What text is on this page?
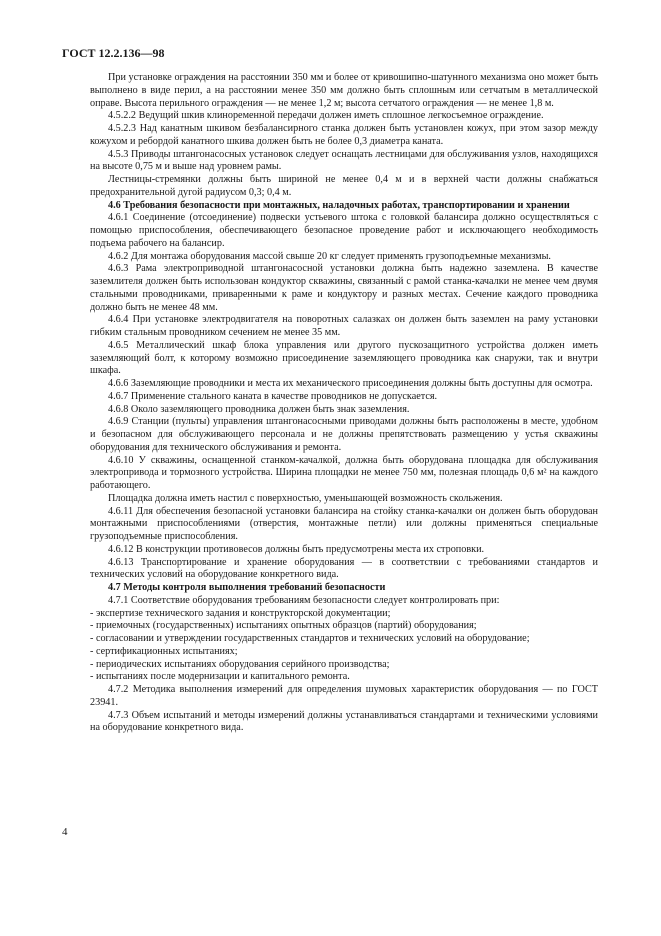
ГОСТ 12.2.136—98

При установке ограждения на расстоянии 350 мм и более от кривошипно-шатунного механизма оно может быть выполнено в виде перил, а на расстоянии менее 350 мм должно быть сплошным или сетчатым в металлической оправе. Высота перильного ограждения — не менее 1,2 м; высота сетчатого ограждения — не менее 1,8 м.

4.5.2.2 Ведущий шкив клиноременной передачи должен иметь сплошное легкосъемное ограждение.

4.5.2.3 Над канатным шкивом безбалансирного станка должен быть установлен кожух, при этом зазор между кожухом и ребордой канатного шкива должен быть не более 0,3 диаметра каната.

4.5.3 Приводы штангонасосных установок следует оснащать лестницами для обслуживания узлов, находящихся на высоте 0,75 м и выше над уровнем рамы.

Лестницы-стремянки должны быть шириной не менее 0,4 м и в верхней части должны снабжаться предохранительной дугой радиусом 0,3; 0,4 м.

4.6 Требования безопасности при монтажных, наладочных работах, транспортировании и хранении

4.6.1 Соединение (отсоединение) подвески устьевого штока с головкой балансира должно осуществляться с помощью приспособления, обеспечивающего безопасное проведение работ и исключающего необходимость подъема рабочего на балансир.

4.6.2 Для монтажа оборудования массой свыше 20 кг следует применять грузоподъемные механизмы.

4.6.3 Рама электроприводной штангонасосной установки должна быть надежно заземлена. В качестве заземлителя должен быть использован кондуктор скважины, связанный с рамой станка-качалки не менее чем двумя стальными проводниками, приваренными к раме и кондуктору и разных местах. Сечение каждого проводника должно быть не менее 48 мм.

4.6.4 При установке электродвигателя на поворотных салазках он должен быть заземлен на раму установки гибким стальным проводником сечением не менее 35 мм.

4.6.5 Металлический шкаф блока управления или другого пускозащитного устройства должен иметь заземляющий болт, к которому возможно присоединение заземляющего проводника как снаружи, так и внутри шкафа.

4.6.6 Заземляющие проводники и места их механического присоединения должны быть доступны для осмотра.

4.6.7 Применение стального каната в качестве проводников не допускается.

4.6.8 Около заземляющего проводника должен быть знак заземления.

4.6.9 Станции (пульты) управления штангонасосными приводами должны быть расположены в месте, удобном и безопасном для обслуживающего персонала и не должны препятствовать размещению у устья скважины оборудования для технического обслуживания и ремонта.

4.6.10 У скважины, оснащенной станком-качалкой, должна быть оборудована площадка для обслуживания электропривода и тормозного устройства. Ширина площадки не менее 750 мм, полезная площадь 0,6 м² на каждого работающего.

Площадка должна иметь настил с поверхностью, уменьшающей возможность скольжения.

4.6.11 Для обеспечения безопасной установки балансира на стойку станка-качалки он должен быть оборудован монтажными приспособлениями (отверстия, монтажные петли) или должны применяться специальные грузоподъемные приспособления.

4.6.12 В конструкции противовесов должны быть предусмотрены места их строповки.

4.6.13 Транспортирование и хранение оборудования — в соответствии с требованиями стандартов и технических условий на оборудование конкретного вида.

4.7 Методы контроля выполнения требований безопасности

4.7.1 Соответствие оборудования требованиям безопасности следует контролировать при:

- экспертизе технического задания и конструкторской документации;

- приемочных (государственных) испытаниях опытных образцов (партий) оборудования;

- согласовании и утверждении государственных стандартов и технических условий на оборудование;

- сертификационных испытаниях;

- периодических испытаниях оборудования серийного производства;

- испытаниях после модернизации и капитального ремонта.

4.7.2 Методика выполнения измерений для определения шумовых характеристик оборудования — по ГОСТ 23941.

4.7.3 Объем испытаний и методы измерений должны устанавливаться стандартами и техническими условиями на оборудование конкретного вида.

4
